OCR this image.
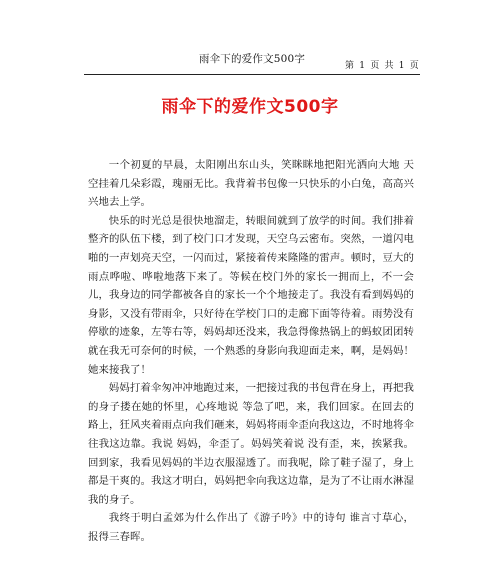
雨伞下的爱作文500字
第 1 页 共 1 页
雨伞下的爱作文500字

一个初夏的早晨，太阳刚出东山头，笑眯眯地把阳光洒向大地 天空挂着几朵彩霞，瑰丽无比。我背着书包像一只快乐的小白兔，高高兴兴地去上学。

快乐的时光总是很快地溜走，转眼间就到了放学的时间。我们排着整齐的队伍下楼，到了校门口才发现，天空乌云密布。突然，一道闪电啪的一声划亮天空，一闪而过，紧接着传来隆隆的雷声。顿时，豆大的雨点哗啦、哗啦地落下来了。等候在校门外的家长一拥而上，不一会儿，我身边的同学都被各自的家长一个个地接走了。我没有看到妈妈的身影，又没有带雨伞，只好待在学校门口的走廊下面等待着。雨势没有停歇的迹象，左等右等，妈妈却还没来，我急得像热锅上的蚂蚁团团转就在我无可奈何的时候，一个熟悉的身影向我迎面走来，啊，是妈妈！她来接我了！

妈妈打着伞匆冲冲地跑过来，一把接过我的书包背在身上，再把我的身子搂在她的怀里，心疼地说 等急了吧，来，我们回家。在回去的路上，狂风夹着雨点向我们砸来，妈妈将雨伞歪向我这边，不时地将伞往我这边靠。我说 妈妈，伞歪了。妈妈笑着说 没有歪，来，挨紧我。回到家，我看见妈妈的半边衣服湿透了。而我呢，除了鞋子湿了，身上都是干爽的。我这才明白，妈妈把伞向我这边靠，是为了不让雨水淋湿我的身子。

我终于明白孟郊为什么作出了《游子吟》中的诗句 谁言寸草心，报得三春晖。
